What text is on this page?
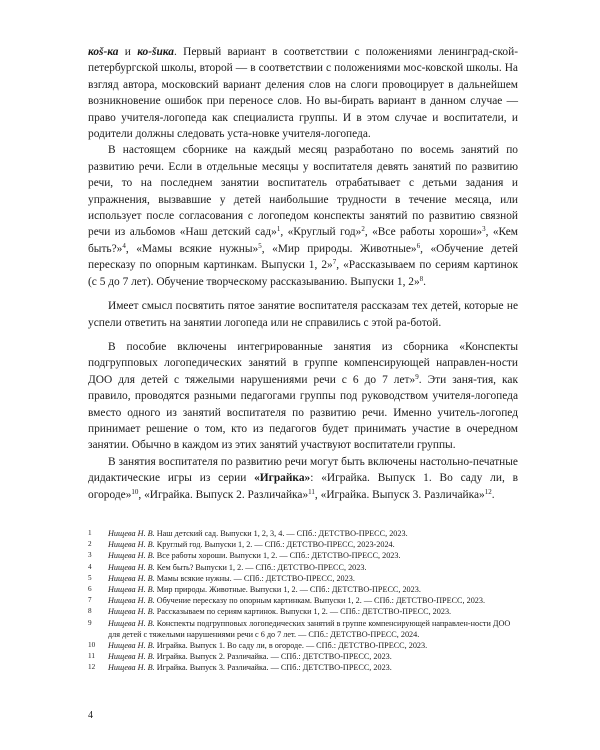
коš-ка и ко-šика. Первый вариант в соответствии с положениями ленинград-ской-петербургской школы, второй — в соответствии с положениями мос-ковской школы. На взгляд автора, московский вариант деления слов на слоги провоцирует в дальнейшем возникновение ошибок при переносе слов. Но вы-бирать вариант в данном случае — право учителя-логопеда как специалиста группы. И в этом случае и воспитатели, и родители должны следовать уста-новке учителя-логопеда.

В настоящем сборнике на каждый месяц разработано по восемь занятий по развитию речи. Если в отдельные месяцы у воспитателя девять занятий по развитию речи, то на последнем занятии воспитатель отрабатывает с детьми задания и упражнения, вызвавшие у детей наибольшие трудности в течение месяца, или использует после согласования с логопедом конспекты занятий по развитию связной речи из альбомов «Наш детский сад»$^1$, «Круглый год»$^2$, «Все работы хороши»$^3$, «Кем быть?»$^4$, «Мамы всякие нужны»$^5$, «Мир природы. Животные»$^6$, «Обучение детей пересказу по опорным картинкам. Выпуски 1, 2»$^7$, «Рассказываем по сериям картинок (с 5 до 7 лет). Обучение творческому рассказыванию. Выпуски 1, 2»$^8$.

Имеет смысл посвятить пятое занятие воспитателя рассказам тех детей, которые не успели ответить на занятии логопеда или не справились с этой ра-ботой.

В пособие включены интегрированные занятия из сборника «Конспекты подгрупповых логопедических занятий в группе компенсирующей направлен-ности ДОО для детей с тяжелыми нарушениями речи с 6 до 7 лет»$^9$. Эти заня-тия, как правило, проводятся разными педагогами группы под руководством учителя-логопеда вместо одного из занятий воспитателя по развитию речи. Именно учитель-логопед принимает решение о том, кто из педагогов будет принимать участие в очередном занятии. Обычно в каждом из этих занятий участвуют воспитатели группы.

В занятия воспитателя по развитию речи могут быть включены настольно-печатные дидактические игры из серии «Играйка»: «Играйка. Выпуск 1. Во саду ли, в огороде»$^{10}$, «Играйка. Выпуск 2. Различайка»$^{11}$, «Играйка. Выпуск 3. Различайка»$^{12}$.

1	Нищева Н. В. Наш детский сад. Выпуски 1, 2, 3, 4. — СПб.: ДЕТСТВО-ПРЕСС, 2023.
2	Нищева Н. В. Круглый год. Выпуски 1, 2. — СПб.: ДЕТСТВО-ПРЕСС, 2023-2024.
3	Нищева Н. В. Все работы хороши. Выпуски 1, 2. — СПб.: ДЕТСТВО-ПРЕСС, 2023.
4	Нищева Н. В. Кем быть? Выпуски 1, 2. — СПб.: ДЕТСТВО-ПРЕСС, 2023.
5	Нищева Н. В. Мамы всякие нужны. — СПб.: ДЕТСТВО-ПРЕСС, 2023.
6	Нищева Н. В. Мир природы. Животные. Выпуски 1, 2. — СПб.: ДЕТСТВО-ПРЕСС, 2023.
7	Нищева Н. В. Обучение пересказу по опорным картинкам. Выпуски 1, 2. — СПб.: ДЕТСТВО-ПРЕСС, 2023.
8	Нищева Н. В. Рассказываем по сериям картинок. Выпуски 1, 2. — СПб.: ДЕТСТВО-ПРЕСС, 2023.
9	Нищева Н. В. Конспекты подгрупповых логопедических занятий в группе компенсирующей направлен-ности ДОО для детей с тяжелыми нарушениями речи с 6 до 7 лет. — СПб.: ДЕТСТВО-ПРЕСС, 2024.
10	Нищева Н. В. Играйка. Выпуск 1. Во саду ли, в огороде. — СПб.: ДЕТСТВО-ПРЕСС, 2023.
11	Нищева Н. В. Играйка. Выпуск 2. Различайка. — СПб.: ДЕТСТВО-ПРЕСС, 2023.
12	Нищева Н. В. Играйка. Выпуск 3. Различайка. — СПб.: ДЕТСТВО-ПРЕСС, 2023.
4
